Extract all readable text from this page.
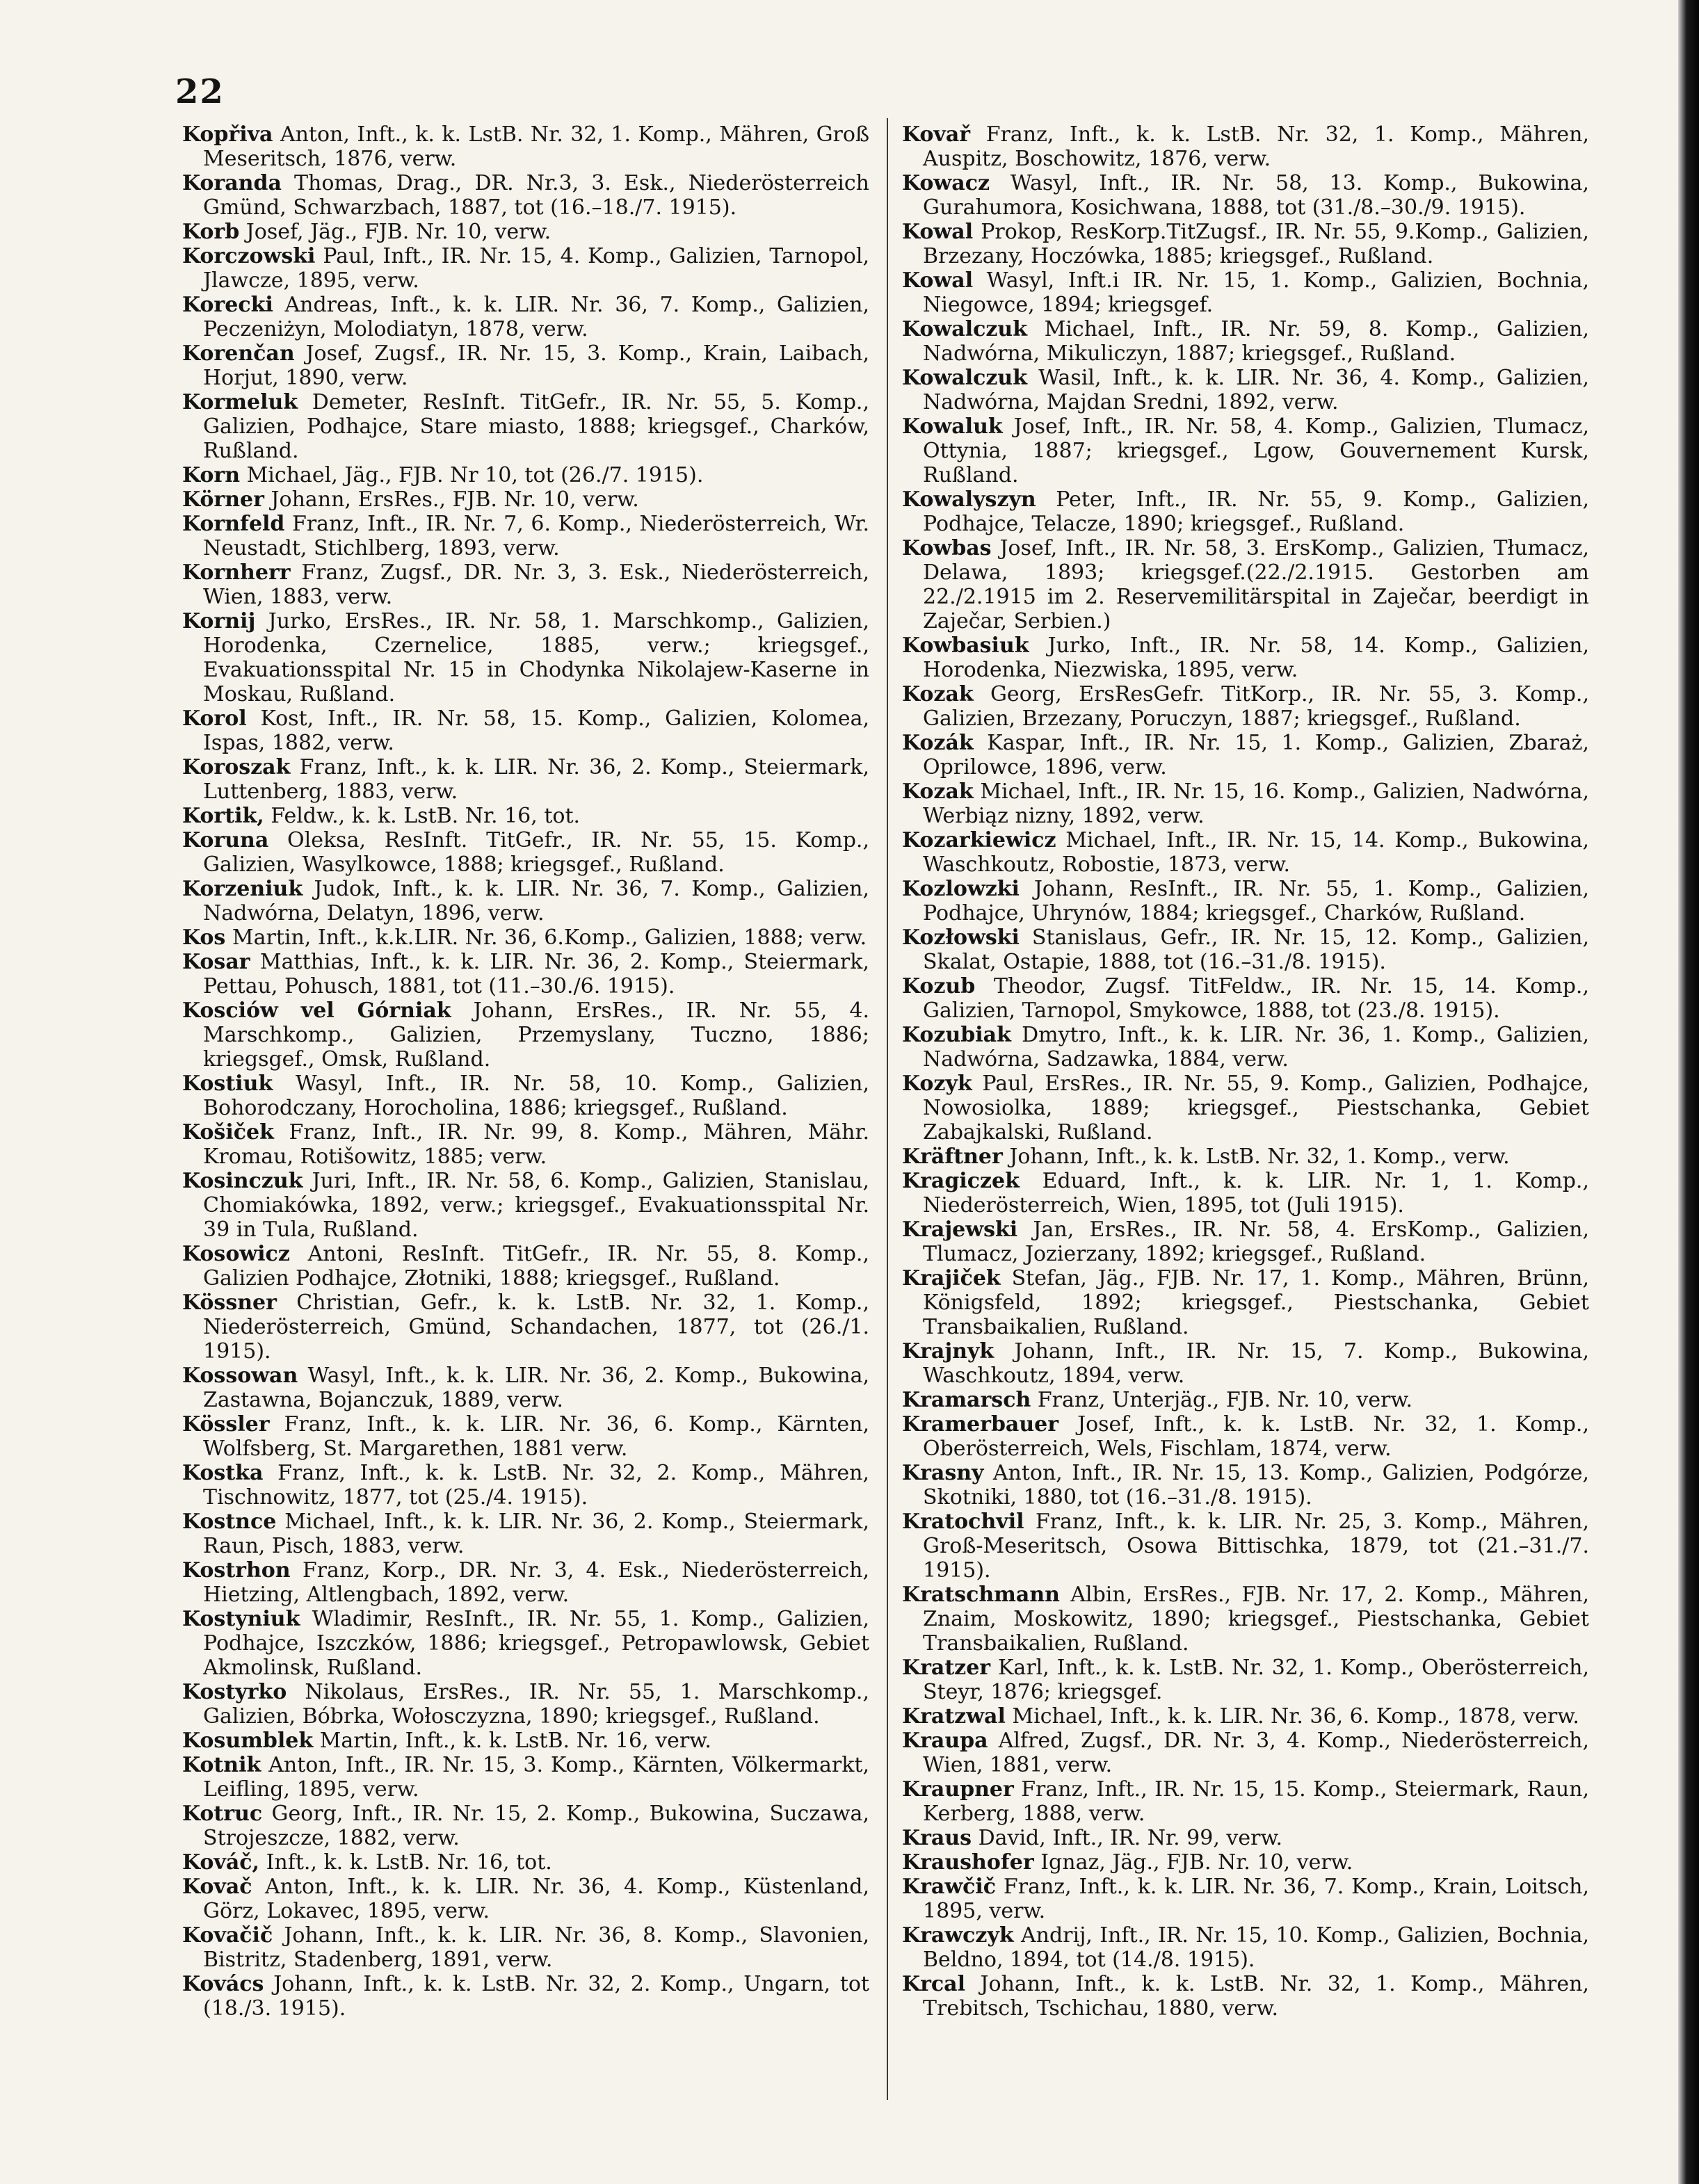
22

Kopřiva Anton, Inft., k. k. LstB. Nr. 32, 1. Komp., Mähren, Groß Meseritsch, 1876, verw.

Koranda Thomas, Drag., DR. Nr.3, 3. Esk., Niederösterreich Gmünd, Schwarzbach, 1887, tot (16.–18./7. 1915).

Korb Josef, Jäg., FJB. Nr. 10, verw.

Korczowski Paul, Inft., IR. Nr. 15, 4. Komp., Galizien, Tarnopol, Jlawcze, 1895, verw.

Korecki Andreas, Inft., k. k. LIR. Nr. 36, 7. Komp., Galizien, Peczeniżyn, Molodiatyn, 1878, verw.

Korenčan Josef, Zugsf., IR. Nr. 15, 3. Komp., Krain, Laibach, Horjut, 1890, verw.

Kormeluk Demeter, ResInft. TitGefr., IR. Nr. 55, 5. Komp., Galizien, Podhajce, Stare miasto, 1888; kriegsgef., Charków, Rußland.

Korn Michael, Jäg., FJB. Nr 10, tot (26./7. 1915).

Körner Johann, ErsRes., FJB. Nr. 10, verw.

Kornfeld Franz, Inft., IR. Nr. 7, 6. Komp., Niederösterreich, Wr. Neustadt, Stichlberg, 1893, verw.

Kornherr Franz, Zugsf., DR. Nr. 3, 3. Esk., Niederösterreich, Wien, 1883, verw.

Kornij Jurko, ErsRes., IR. Nr. 58, 1. Marschkomp., Galizien, Horodenka, Czernelice, 1885, verw.; kriegsgef., Evakuationsspital Nr. 15 in Chodynka Nikolajew-Kaserne in Moskau, Rußland.

Korol Kost, Inft., IR. Nr. 58, 15. Komp., Galizien, Kolomea, Ispas, 1882, verw.

Koroszak Franz, Inft., k. k. LIR. Nr. 36, 2. Komp., Steiermark, Luttenberg, 1883, verw.

Kortik, Feldw., k. k. LstB. Nr. 16, tot.

Koruna Oleksa, ResInft. TitGefr., IR. Nr. 55, 15. Komp., Galizien, Wasylkowce, 1888; kriegsgef., Rußland.

Korzeniuk Judok, Inft., k. k. LIR. Nr. 36, 7. Komp., Galizien, Nadwórna, Delatyn, 1896, verw.

Kos Martin, Inft., k.k.LIR. Nr. 36, 6.Komp., Galizien, 1888; verw.

Kosar Matthias, Inft., k. k. LIR. Nr. 36, 2. Komp., Steiermark, Pettau, Pohusch, 1881, tot (11.–30./6. 1915).

Kosciów vel Górniak Johann, ErsRes., IR. Nr. 55, 4. Marschkomp., Galizien, Przemyslany, Tuczno, 1886; kriegsgef., Omsk, Rußland.

Kostiuk Wasyl, Inft., IR. Nr. 58, 10. Komp., Galizien, Bohorodczany, Horocholina, 1886; kriegsgef., Rußland.

Košiček Franz, Inft., IR. Nr. 99, 8. Komp., Mähren, Mähr. Kromau, Rotišowitz, 1885; verw.

Kosinczuk Juri, Inft., IR. Nr. 58, 6. Komp., Galizien, Stanislau, Chomiakówka, 1892, verw.; kriegsgef., Evakuationsspital Nr. 39 in Tula, Rußland.

Kosowicz Antoni, ResInft. TitGefr., IR. Nr. 55, 8. Komp., Galizien Podhajce, Złotniki, 1888; kriegsgef., Rußland.

Kössner Christian, Gefr., k. k. LstB. Nr. 32, 1. Komp., Niederösterreich, Gmünd, Schandachen, 1877, tot (26./1. 1915).

Kossowan Wasyl, Inft., k. k. LIR. Nr. 36, 2. Komp., Bukowina, Zastawna, Bojanczuk, 1889, verw.

Kössler Franz, Inft., k. k. LIR. Nr. 36, 6. Komp., Kärnten, Wolfsberg, St. Margarethen, 1881 verw.

Kostka Franz, Inft., k. k. LstB. Nr. 32, 2. Komp., Mähren, Tischnowitz, 1877, tot (25./4. 1915).

Kostnce Michael, Inft., k. k. LIR. Nr. 36, 2. Komp., Steiermark, Raun, Pisch, 1883, verw.

Kostrhon Franz, Korp., DR. Nr. 3, 4. Esk., Niederösterreich, Hietzing, Altlengbach, 1892, verw.

Kostyniuk Wladimir, ResInft., IR. Nr. 55, 1. Komp., Galizien, Podhajce, Iszczków, 1886; kriegsgef., Petropawlowsk, Gebiet Akmolinsk, Rußland.

Kostyrko Nikolaus, ErsRes., IR. Nr. 55, 1. Marschkomp., Galizien, Bóbrka, Wołosczyzna, 1890; kriegsgef., Rußland.

Kosumblek Martin, Inft., k. k. LstB. Nr. 16, verw.

Kotnik Anton, Inft., IR. Nr. 15, 3. Komp., Kärnten, Völkermarkt, Leifling, 1895, verw.

Kotruc Georg, Inft., IR. Nr. 15, 2. Komp., Bukowina, Suczawa, Strojeszcze, 1882, verw.

Kováč, Inft., k. k. LstB. Nr. 16, tot.

Kovač Anton, Inft., k. k. LIR. Nr. 36, 4. Komp., Küstenland, Görz, Lokavec, 1895, verw.

Kovačič Johann, Inft., k. k. LIR. Nr. 36, 8. Komp., Slavonien, Bistritz, Stadenberg, 1891, verw.

Kovács Johann, Inft., k. k. LstB. Nr. 32, 2. Komp., Ungarn, tot (18./3. 1915).

Kovař Franz, Inft., k. k. LstB. Nr. 32, 1. Komp., Mähren, Auspitz, Boschowitz, 1876, verw.

Kowacz Wasyl, Inft., IR. Nr. 58, 13. Komp., Bukowina, Gurahumora, Kosichwana, 1888, tot (31./8.–30./9. 1915).

Kowal Prokop, ResKorp.TitZugsf., IR. Nr. 55, 9.Komp., Galizien, Brzezany, Hoczówka, 1885; kriegsgef., Rußland.

Kowal Wasyl, Inft.i IR. Nr. 15, 1. Komp., Galizien, Bochnia, Niegowce, 1894; kriegsgef.

Kowalczuk Michael, Inft., IR. Nr. 59, 8. Komp., Galizien, Nadwórna, Mikuliczyn, 1887; kriegsgef., Rußland.

Kowalczuk Wasil, Inft., k. k. LIR. Nr. 36, 4. Komp., Galizien, Nadwórna, Majdan Sredni, 1892, verw.

Kowaluk Josef, Inft., IR. Nr. 58, 4. Komp., Galizien, Tlumacz, Ottynia, 1887; kriegsgef., Lgow, Gouvernement Kursk, Rußland.

Kowalyszyn Peter, Inft., IR. Nr. 55, 9. Komp., Galizien, Podhajce, Telacze, 1890; kriegsgef., Rußland.

Kowbas Josef, Inft., IR. Nr. 58, 3. ErsKomp., Galizien, Tłumacz, Delawa, 1893; kriegsgef.(22./2.1915. Gestorben am 22./2.1915 im 2. Reservemilitärspital in Zaječar, beerdigt in Zaječar, Serbien.)

Kowbasiuk Jurko, Inft., IR. Nr. 58, 14. Komp., Galizien, Horodenka, Niezwiska, 1895, verw.

Kozak Georg, ErsResGefr. TitKorp., IR. Nr. 55, 3. Komp., Galizien, Brzezany, Poruczyn, 1887; kriegsgef., Rußland.

Kozák Kaspar, Inft., IR. Nr. 15, 1. Komp., Galizien, Zbaraż, Oprilowce, 1896, verw.

Kozak Michael, Inft., IR. Nr. 15, 16. Komp., Galizien, Nadwórna, Werbiąz nizny, 1892, verw.

Kozarkiewicz Michael, Inft., IR. Nr. 15, 14. Komp., Bukowina, Waschkoutz, Robostie, 1873, verw.

Kozlowzki Johann, ResInft., IR. Nr. 55, 1. Komp., Galizien, Podhajce, Uhrynów, 1884; kriegsgef., Charków, Rußland.

Kozłowski Stanislaus, Gefr., IR. Nr. 15, 12. Komp., Galizien, Skalat, Ostapie, 1888, tot (16.–31./8. 1915).

Kozub Theodor, Zugsf. TitFeldw., IR. Nr. 15, 14. Komp., Galizien, Tarnopol, Smykowce, 1888, tot (23./8. 1915).

Kozubiak Dmytro, Inft., k. k. LIR. Nr. 36, 1. Komp., Galizien, Nadwórna, Sadzawka, 1884, verw.

Kozyk Paul, ErsRes., IR. Nr. 55, 9. Komp., Galizien, Podhajce, Nowosiolka, 1889; kriegsgef., Piestschanka, Gebiet Zabajkalski, Rußland.

Kräftner Johann, Inft., k. k. LstB. Nr. 32, 1. Komp., verw.

Kragiczek Eduard, Inft., k. k. LIR. Nr. 1, 1. Komp., Niederösterreich, Wien, 1895, tot (Juli 1915).

Krajewski Jan, ErsRes., IR. Nr. 58, 4. ErsKomp., Galizien, Tlumacz, Jozierzany, 1892; kriegsgef., Rußland.

Krajiček Stefan, Jäg., FJB. Nr. 17, 1. Komp., Mähren, Brünn, Königsfeld, 1892; kriegsgef., Piestschanka, Gebiet Transbaikalien, Rußland.

Krajnyk Johann, Inft., IR. Nr. 15, 7. Komp., Bukowina, Waschkoutz, 1894, verw.

Kramarsch Franz, Unterjäg., FJB. Nr. 10, verw.

Kramerbauer Josef, Inft., k. k. LstB. Nr. 32, 1. Komp., Oberösterreich, Wels, Fischlam, 1874, verw.

Krasny Anton, Inft., IR. Nr. 15, 13. Komp., Galizien, Podgórze, Skotniki, 1880, tot (16.–31./8. 1915).

Kratochvil Franz, Inft., k. k. LIR. Nr. 25, 3. Komp., Mähren, Groß-Meseritsch, Osowa Bittischka, 1879, tot (21.–31./7. 1915).

Kratschmann Albin, ErsRes., FJB. Nr. 17, 2. Komp., Mähren, Znaim, Moskowitz, 1890; kriegsgef., Piestschanka, Gebiet Transbaikalien, Rußland.

Kratzer Karl, Inft., k. k. LstB. Nr. 32, 1. Komp., Oberösterreich, Steyr, 1876; kriegsgef.

Kratzwal Michael, Inft., k. k. LIR. Nr. 36, 6. Komp., 1878, verw.

Kraupa Alfred, Zugsf., DR. Nr. 3, 4. Komp., Niederösterreich, Wien, 1881, verw.

Kraupner Franz, Inft., IR. Nr. 15, 15. Komp., Steiermark, Raun, Kerberg, 1888, verw.

Kraus David, Inft., IR. Nr. 99, verw.

Kraushofer Ignaz, Jäg., FJB. Nr. 10, verw.

Krawčič Franz, Inft., k. k. LIR. Nr. 36, 7. Komp., Krain, Loitsch, 1895, verw.

Krawczyk Andrij, Inft., IR. Nr. 15, 10. Komp., Galizien, Bochnia, Beldno, 1894, tot (14./8. 1915).

Krcal Johann, Inft., k. k. LstB. Nr. 32, 1. Komp., Mähren, Trebitsch, Tschichau, 1880, verw.
